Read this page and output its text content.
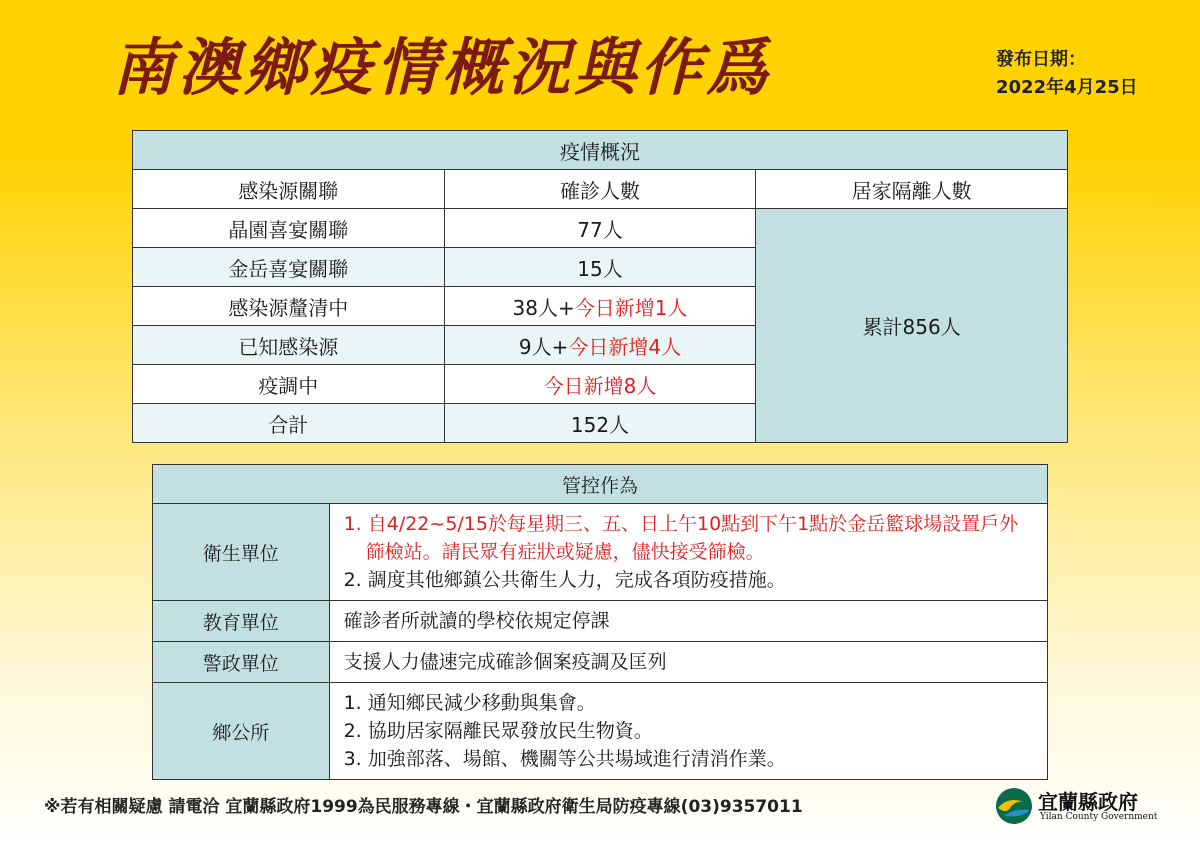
南澳鄉疫情概況與作爲	發布日期：
2022年4月25日
疫情概況		
感染源關聯	確診人數	居家隔離人數
晶園喜宴關聯	77人	累計856人
金岳喜宴關聯	15人	
感染源釐清中	38人+今日新增1人	
已知感染源	9人+今日新增4人	
疫調中	今日新增8人	
合計	152人	
管控作為	
衛生單位	1. 自4/22~5/15於每星期三、五、日上午10點到下午1點於金岳籃球場設置戶外篩檢站。請民眾有症狀或疑慮，儘快接受篩檢。
2. 調度其他鄉鎮公共衛生人力，完成各項防疫措施。

教育單位	確診者所就讀的學校依規定停課

警政單位	支援人力儘速完成確診個案疫調及匡列

鄉公所	1. 通知鄉民減少移動與集會。
2. 協助居家隔離民眾發放民生物資。
3. 加強部落、場館、機關等公共場域進行清消作業。
※若有相關疑慮 請電洽 宜蘭縣政府1999為民服務專線・宜蘭縣政府衛生局防疫專線(03)9357011	宜蘭縣政府
Yilan County Government
